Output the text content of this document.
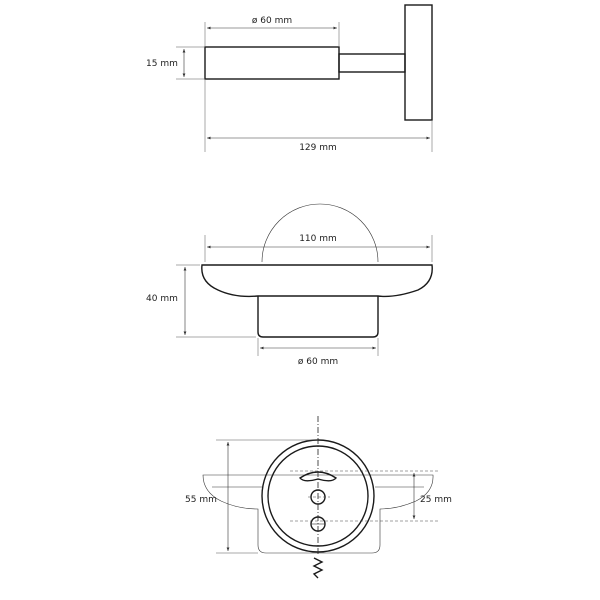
ø 60 mm
15 mm
129 mm
110 mm
40 mm
ø 60 mm
55 mm	25 mm
